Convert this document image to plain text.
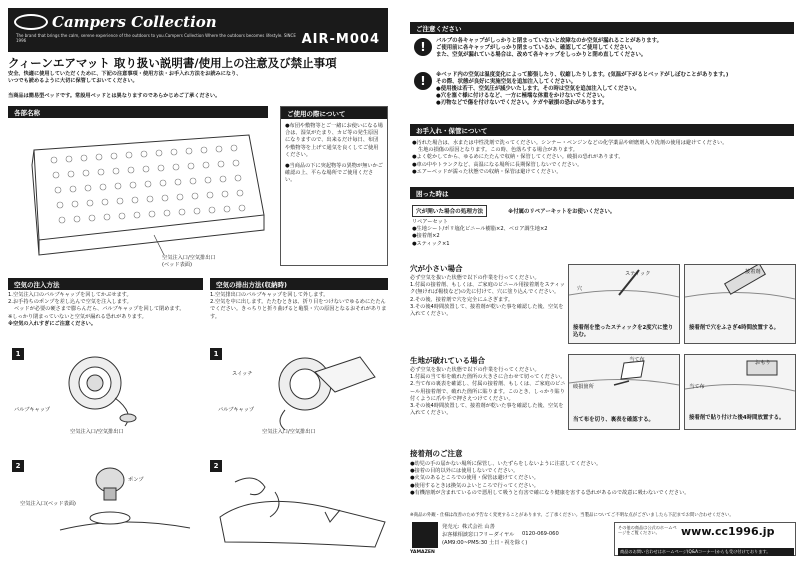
Campers Collection
The brand that brings the calm, serene experience of the outdoors to you.Campers Collection Where the outdoors becomes lifestyle. SINCE 1996	AIR-M004
クィーンエアマット 取り扱い説明書/使用上の注意及び禁止事項
安全、快適に使用していただくために、下記の注意事項・使用方法・お手入れ方法をお読みになり、
いつでも読めるように大切に保管しておいてください。
当商品は簡易型ベッドです。常設用ベッドとは異なりますのであらかじめご了承ください。
各部名称
空気注入口/空気排出口
(ベッド表面)
ご使用の際について
●布団や敷物等とご一緒にお使いになる場合は、湿気がたまり、カビ等の発生原因になりますので、出来るだけ毎日、布団や敷物等を上げて通気を良くしてご使用ください。
●当商品の下に突起物等の異物が無いかご確認の上、平らな場所でご使用ください。
空気の注入方法
1.空気注入口のバルブキャップを回してかぶせます。
2.お手持ちのポンプを差し込んで空気を注入します。
ベッドが必要の硬さまで膨らんだら、バルブキャップを回して閉めます。
※しっかり閉まっていないと空気が漏れる恐れがあります。
※空気の入れすぎにご注意ください。
空気の排出方法(収納時)
1.空気排出口のバルブキャップを回して外します。
2.空気を中に出します。たたむときは、折り目をつけないでゆるめにたたんでください。きっちりと折り曲げると亀裂・穴の原因となるおそれがあります。
1
バルブキャップ
空気注入口/空気排出口
2
ポンプ
空気注入口(ベッド表面)
1
スイッチ
バルブキャップ
空気注入口/空気排出口
2
ご注意ください
!	バルブの各キャップがしっかりと閉まっていないと故障なのか空気が漏れることがあります。
ご使用前に各キャップがしっかり閉まっているか、確認してご使用してください。
また、空気が漏れている場合は、改めて各キャップをしっかりと閉め直してください。
!	※ベッド内の空気は温度変化によって膨張したり、収縮したりします。(気温が下がるとベッドがしぼむことがあります。)
その際、状態が良好に実施空気を追加注入してください。
●使用後は若干、空気圧が減少いたします。その時は空気を追加注入してください。
●穴を塞ぐ様に付けるなど、一方に極端な体重をかけないでください。
●刃物などで傷を付けないでください。ケガや破損の恐れがあります。
お手入れ・保管について
●汚れた場合は、水または中性洗剤で洗ってください。シンナー・ベンジンなどの化学薬品や研磨剤入り洗剤の使用は避けてください。
生地の損傷の原因となります。この時、色落ちする場合があります。
●よく乾かしてから、ゆるめにたたんで収納・保管してください。破損の恐れがあります。
●車の中やトランクなど、高温になる場所に長期保管しないでください。
●エアーベッドが濡った状態での収納・保管は避けてください。
困った時は
穴が開いた場合の処理方法	※付属のリペアーキットをお使いください。
リペアーセット
●生地シート/ポリ塩化ビニール樹脂×2、ベロア調生地×2
●接着剤×2
●スティック×1
穴が小さい場合
必ず空気を抜いた状態で以下の作業を行ってください。
1.付属の接着剤、もしくは、ご家庭のビニール用接着剤をスティック(無ければ楊枝など)の先に付けて、穴に塗り込んでください。
2.その後、接着剤で穴を完全にふさぎます。
3.その後4時間放置して、接着剤が乾いた事を確認した後、空気を入れてください。
スティック
穴
接着剤を塗ったスティックを2度穴に塗り込む。
接着剤
接着剤で穴をふさぎ4時間放置する。
生地が破れている場合
必ず空気を抜いた状態で以下の作業を行ってください。
1.付属の当て布を破れた箇所の大きさに合わせて切ってください。
2.当て布の裏表を確認し、付属の接着剤、もしくは、ご家庭のビニール用接着剤で、破れた箇所に貼ります。このとき、しっかり貼り付くように爪や手で押さえつけてください。
3.その後4時間放置して、接着剤が乾いた事を確認した後、空気を入れてください。
当て布
破損箇所
当て布を切り、裏表を確認する。
おもり
当て布
接着剤で貼り付けた後4時間放置する。
接着剤のご注意
●幼児の手の届かない場所に保管し、いたずらをしないように注意してください。
●接着の目的以外には使用しないでください。
●火気のあるところでの使用・保管は避けてください。
●使用するときは換気のよいところで行ってください。
●有機溶剤が含まれているので悪用して吸うと有害で確になり健康を害する恐れがあるので故意に吸わないでください。
※商品の外観・仕様は改善のため予告なく変更することがあります。ご了承ください。当製品についてご不明な点がございましたら下記までお問い合わせください。
YAMAZEN
発売元: 株式会社 山善
お客様相談窓口フリーダイヤル 0120-069-060
(AM9:00~PM5:30 土日・祝を除く)
その他の商品は公式のホームページをご覧ください。	www.cc1996.jp
商品のお問い合わせはホームページ(Q&Aコーナー)からも受け付けております。
